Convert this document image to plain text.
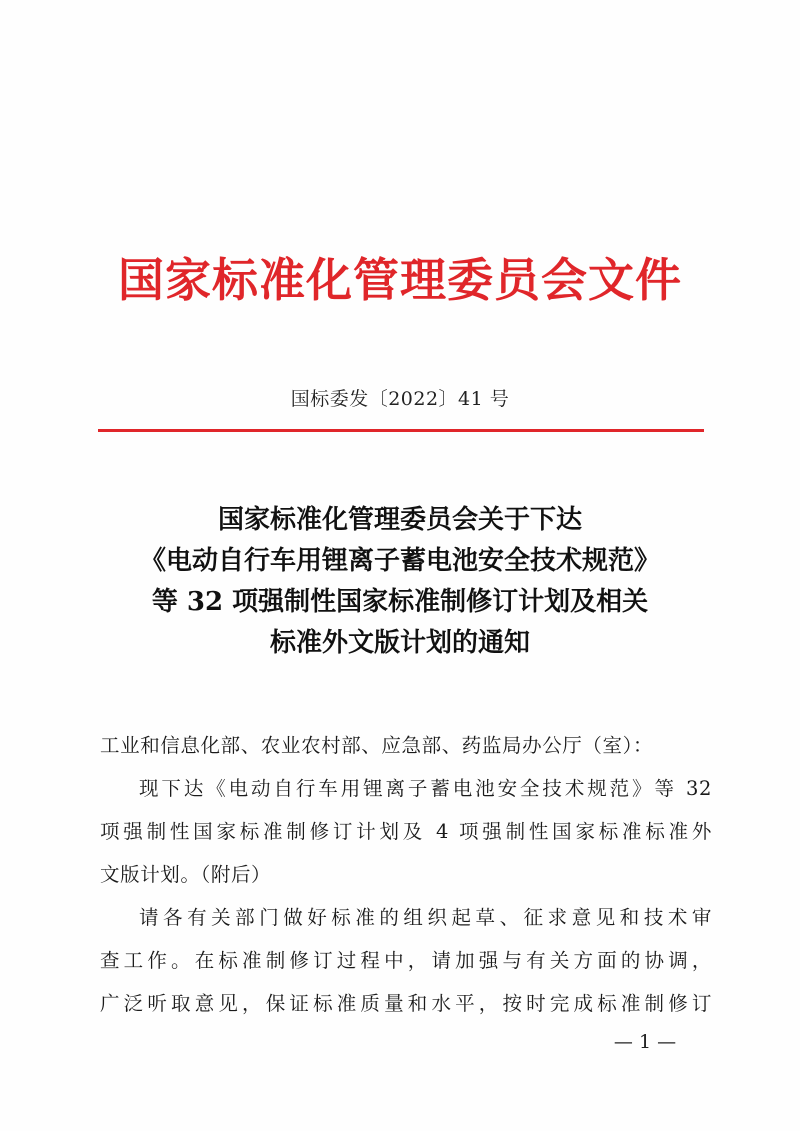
国家标准化管理委员会文件
国标委发〔2022〕41 号
国家标准化管理委员会关于下达
《电动自行车用锂离子蓄电池安全技术规范》
等 32 项强制性国家标准制修订计划及相关
标准外文版计划的通知

工业和信息化部、农业农村部、应急部、药监局办公厅（室）：

现下达《电动自行车用锂离子蓄电池安全技术规范》等 32

项强制性国家标准制修订计划及 4 项强制性国家标准标准外

文版计划。（附后）

请各有关部门做好标准的组织起草、征求意见和技术审

查工作。在标准制修订过程中，请加强与有关方面的协调，

广泛听取意见，保证标准质量和水平，按时完成标准制修订

— 1 —
